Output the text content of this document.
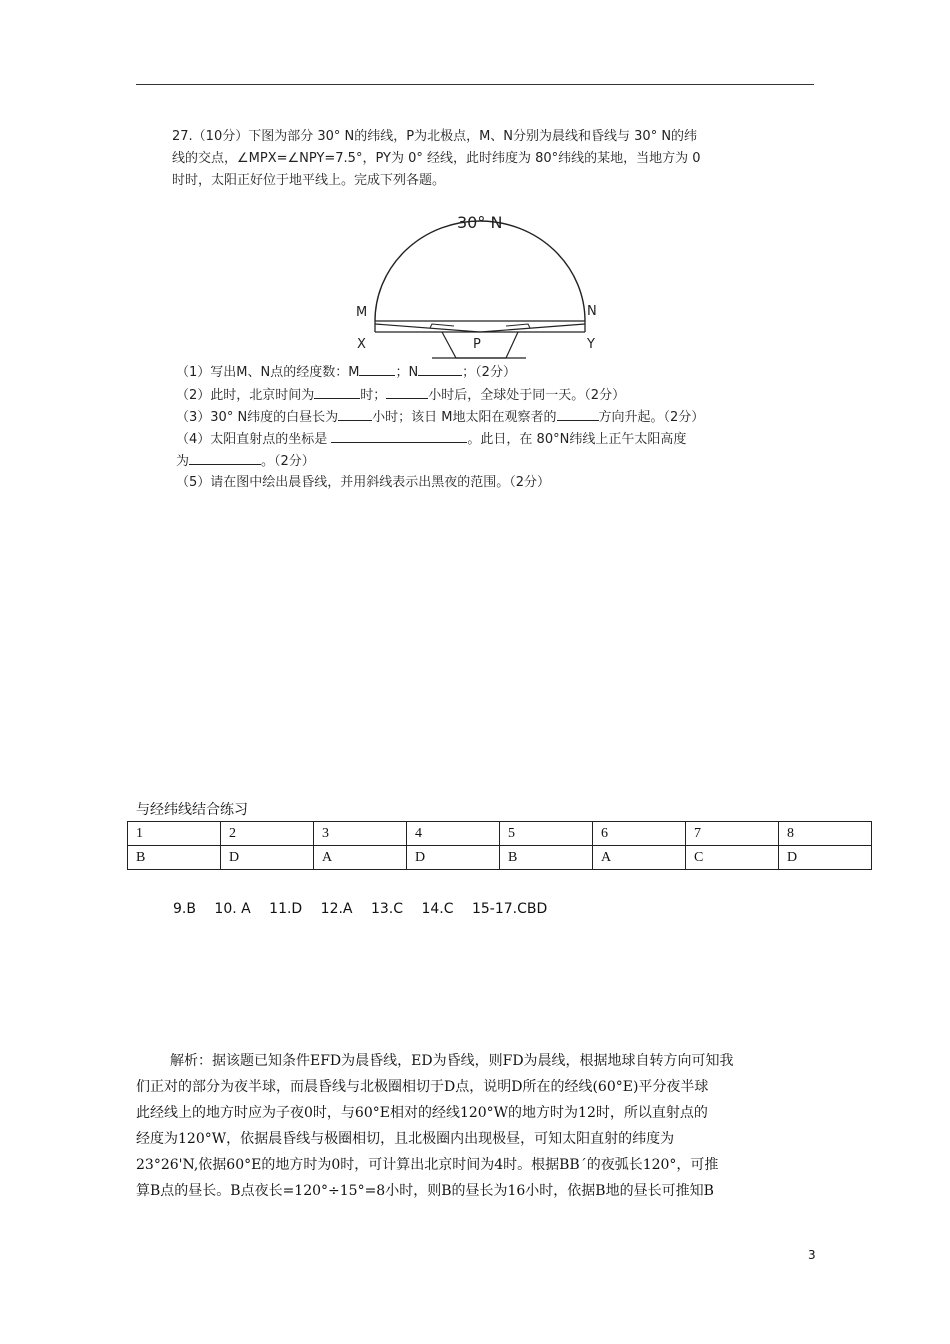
27.（10分）下图为部分 30° N的纬线，P为北极点，M、N分别为晨线和昏线与 30° N的纬
线的交点，∠MPX=∠NPY=7.5°，PY为 0° 经线，此时纬度为 80°纬线的某地，当地方为 0
时时，太阳正好位于地平线上。完成下列各题。
30° N
M	N
X	P	Y
（1）写出M、N点的经度数：M	；N	；（2分）
（2）此时，北京时间为	时；	小时后，全球处于同一天。（2分）
（3）30° N纬度的白昼长为	小时；该日 M地太阳在观察者的	方向升起。（2分）
（4）太阳直射点的坐标是	。此日，在 80°N纬线上正午太阳高度
为	。（2分）
（5）请在图中绘出晨昏线，并用斜线表示出黑夜的范围。（2分）
与经纬线结合练习
1	2	3	4	5	6	7	8
B	D	A	D	B	A	C	D
9.B 10. A 11.D 12.A 13.C 14.C 15-17.CBD

解析：据该题已知条件EFD为晨昏线，ED为昏线，则FD为晨线，根据地球自转方向可知我

们正对的部分为夜半球，而晨昏线与北极圈相切于D点，说明D所在的经线(60°E)平分夜半球

此经线上的地方时应为子夜0时，与60°E相对的经线120°W的地方时为12时，所以直射点的

经度为120°W，依据晨昏线与极圈相切，且北极圈内出现极昼，可知太阳直射的纬度为

23°26'N,依据60°E的地方时为0时，可计算出北京时间为4时。根据BB´的夜弧长120°，可推

算B点的昼长。B点夜长=120°÷15°=8小时，则B的昼长为16小时，依据B地的昼长可推知B

3
